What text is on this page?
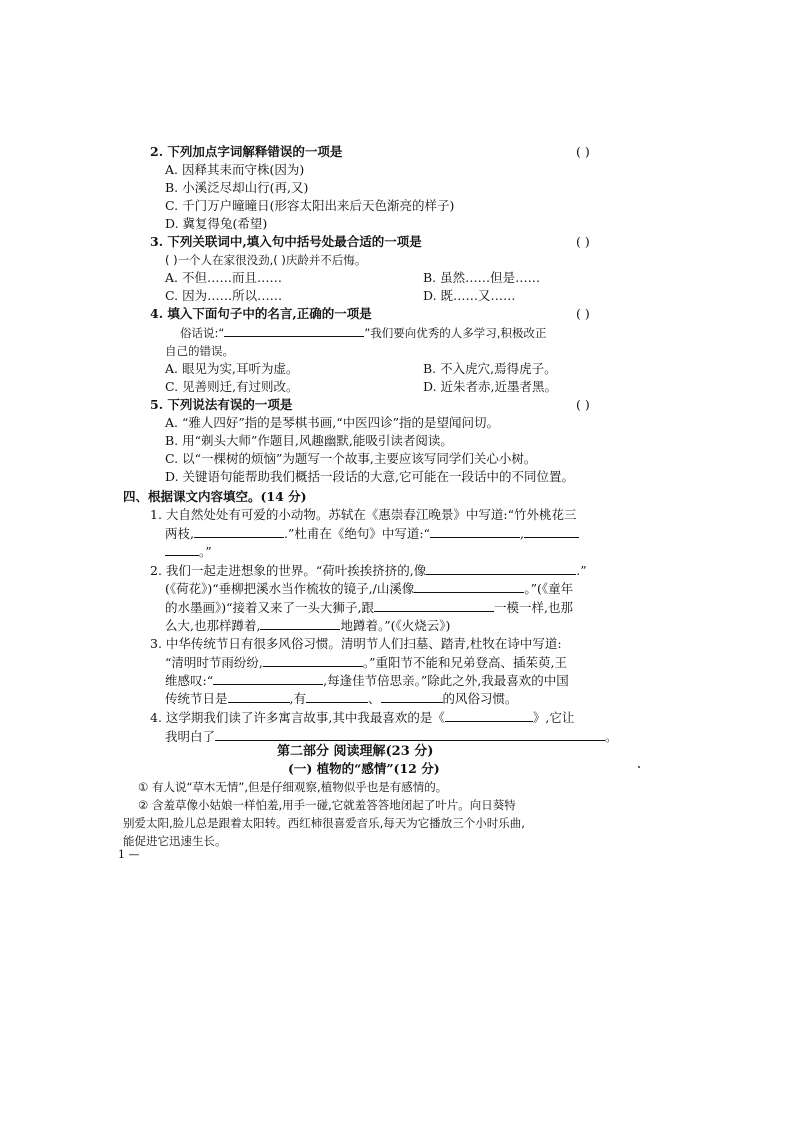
2. 下列加点字词解释错误的一项是	( )
A. 因释其耒而守株(因为)
B. 小溪泛尽却山行(再,又)
C. 千门万户曈曈日(形容太阳出来后天色渐亮的样子)
D. 冀复得兔(希望)
3. 下列关联词中,填入句中括号处最合适的一项是	( )
( )一个人在家很没劲,( )庆龄并不后悔。
A. 不但……而且……	B. 虽然……但是……
C. 因为……所以……	D. 既……又……
4. 填入下面句子中的名言,正确的一项是	( )
俗话说:“	”我们要向优秀的人多学习,积极改正
自己的错误。
A. 眼见为实,耳听为虚。	B. 不入虎穴,焉得虎子。
C. 见善则迁,有过则改。	D. 近朱者赤,近墨者黑。
5. 下列说法有误的一项是	( )
A. “雅人四好”指的是琴棋书画,“中医四诊”指的是望闻问切。
B. 用“剃头大师”作题目,风趣幽默,能吸引读者阅读。
C. 以“一棵树的烦恼”为题写一个故事,主要应该写同学们关心小树。
D. 关键语句能帮助我们概括一段话的大意,它可能在一段话中的不同位置。
四、根据课文内容填空。(14 分)
1. 大自然处处有可爱的小动物。苏轼在《惠崇春江晚景》中写道:“竹外桃花三
两枝,	.”杜甫在《绝句》中写道:“	,
。”
2. 我们一起走进想象的世界。“荷叶挨挨挤挤的,像	.”
(《荷花》)“垂柳把溪水当作梳妆的镜子,/山溪像	。”(《童年
的水墨画》)“接着又来了一头大狮子,跟	一模一样,也那
么大,也那样蹲着,	地蹲着。”(《火烧云》)
3. 中华传统节日有很多风俗习惯。清明节人们扫墓、踏青,杜牧在诗中写道:
“清明时节雨纷纷,	。”重阳节不能和兄弟登高、插茱萸,王
维感叹:“	,每逢佳节倍思亲。”除此之外,我最喜欢的中国
传统节日是	,有	、	的风俗习惯。
4. 这学期我们读了许多寓言故事,其中我最喜欢的是《	》,它让
我明白了	。
第二部分 阅读理解(23 分)
(一) 植物的“感情”(12 分)
① 有人说“草木无情”,但是仔细观察,植物似乎也是有感情的。
② 含羞草像小姑娘一样怕羞,用手一碰,它就羞答答地闭起了叶片。向日葵特
别爱太阳,脸儿总是跟着太阳转。西红柿很喜爱音乐,每天为它播放三个小时乐曲,
能促进它迅速生长。
1 —
